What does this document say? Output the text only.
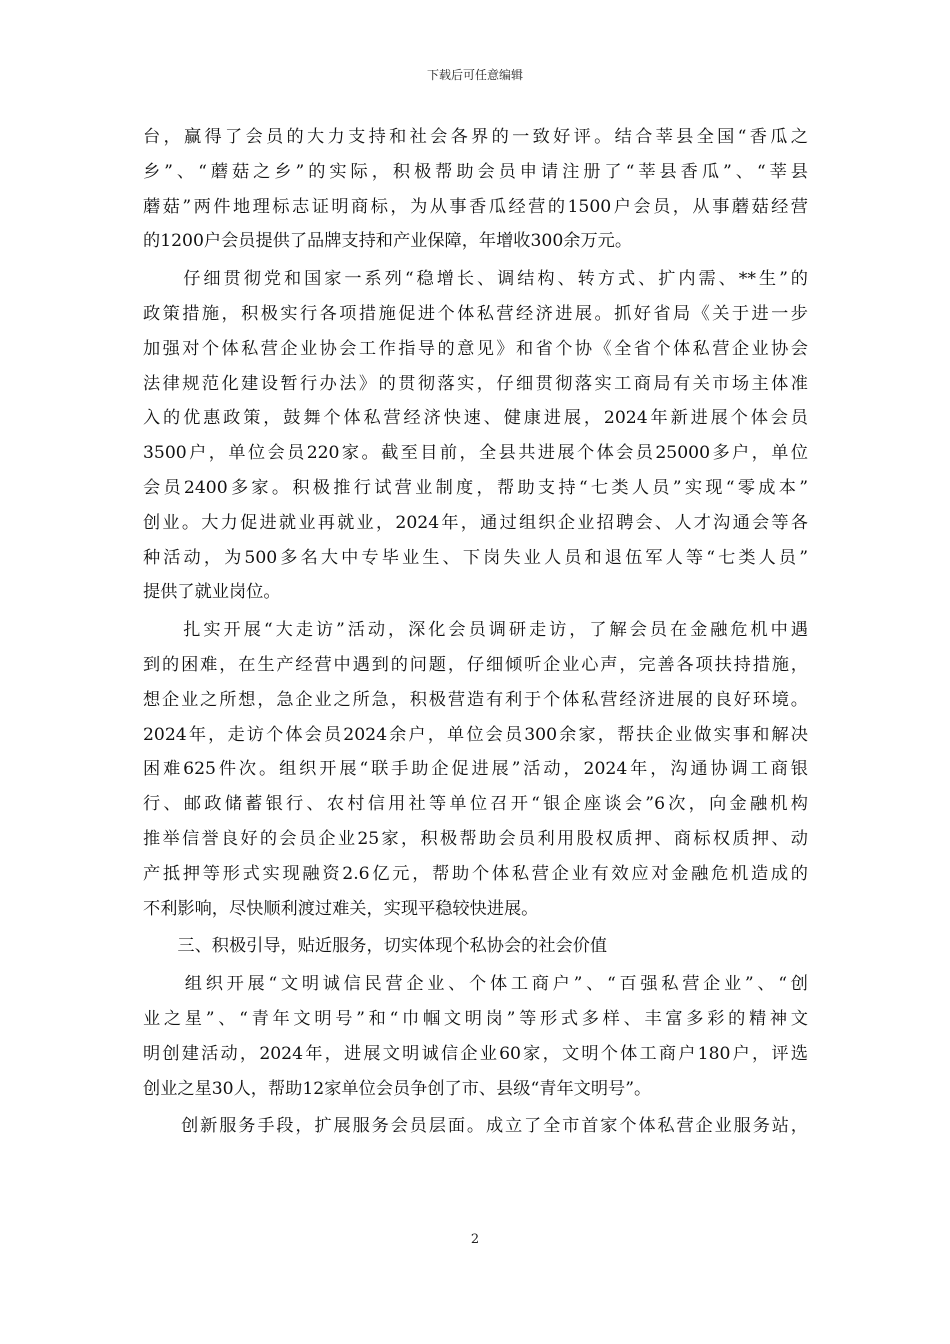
下载后可任意编辑
台，赢得了会员的大力支持和社会各界的一致好评。结合莘县全国“香瓜之
乡”、“蘑菇之乡”的实际，积极帮助会员申请注册了“莘县香瓜”、“莘县
蘑菇”两件地理标志证明商标，为从事香瓜经营的1500户会员，从事蘑菇经营
的1200户会员提供了品牌支持和产业保障，年增收300余万元。
　　仔细贯彻党和国家一系列“稳增长、调结构、转方式、扩内需、**生”的
政策措施，积极实行各项措施促进个体私营经济进展。抓好省局《关于进一步
加强对个体私营企业协会工作指导的意见》和省个协《全省个体私营企业协会
法律规范化建设暂行办法》的贯彻落实，仔细贯彻落实工商局有关市场主体准
入的优惠政策，鼓舞个体私营经济快速、健康进展，2024年新进展个体会员
3500户，单位会员220家。截至目前，全县共进展个体会员25000多户，单位
会员2400多家。积极推行试营业制度，帮助支持“七类人员”实现“零成本”
创业。大力促进就业再就业，2024年，通过组织企业招聘会、人才沟通会等各
种活动，为500多名大中专毕业生、下岗失业人员和退伍军人等“七类人员”
提供了就业岗位。
　　扎实开展“大走访”活动，深化会员调研走访，了解会员在金融危机中遇
到的困难，在生产经营中遇到的问题，仔细倾听企业心声，完善各项扶持措施，
想企业之所想，急企业之所急，积极营造有利于个体私营经济进展的良好环境。
2024年，走访个体会员2024余户，单位会员300余家，帮扶企业做实事和解决
困难625件次。组织开展“联手助企促进展”活动，2024年，沟通协调工商银
行、邮政储蓄银行、农村信用社等单位召开“银企座谈会”6次，向金融机构
推举信誉良好的会员企业25家，积极帮助会员利用股权质押、商标权质押、动
产抵押等形式实现融资2.6亿元，帮助个体私营企业有效应对金融危机造成的
不利影响，尽快顺利渡过难关，实现平稳较快进展。
　　三、积极引导，贴近服务，切实体现个私协会的社会价值
　　组织开展“文明诚信民营企业、个体工商户”、“百强私营企业”、“创
业之星”、“青年文明号”和“巾帼文明岗”等形式多样、丰富多彩的精神文
明创建活动，2024年，进展文明诚信企业60家，文明个体工商户180户，评选
创业之星30人，帮助12家单位会员争创了市、县级“青年文明号”。
　　创新服务手段，扩展服务会员层面。成立了全市首家个体私营企业服务站，
2
